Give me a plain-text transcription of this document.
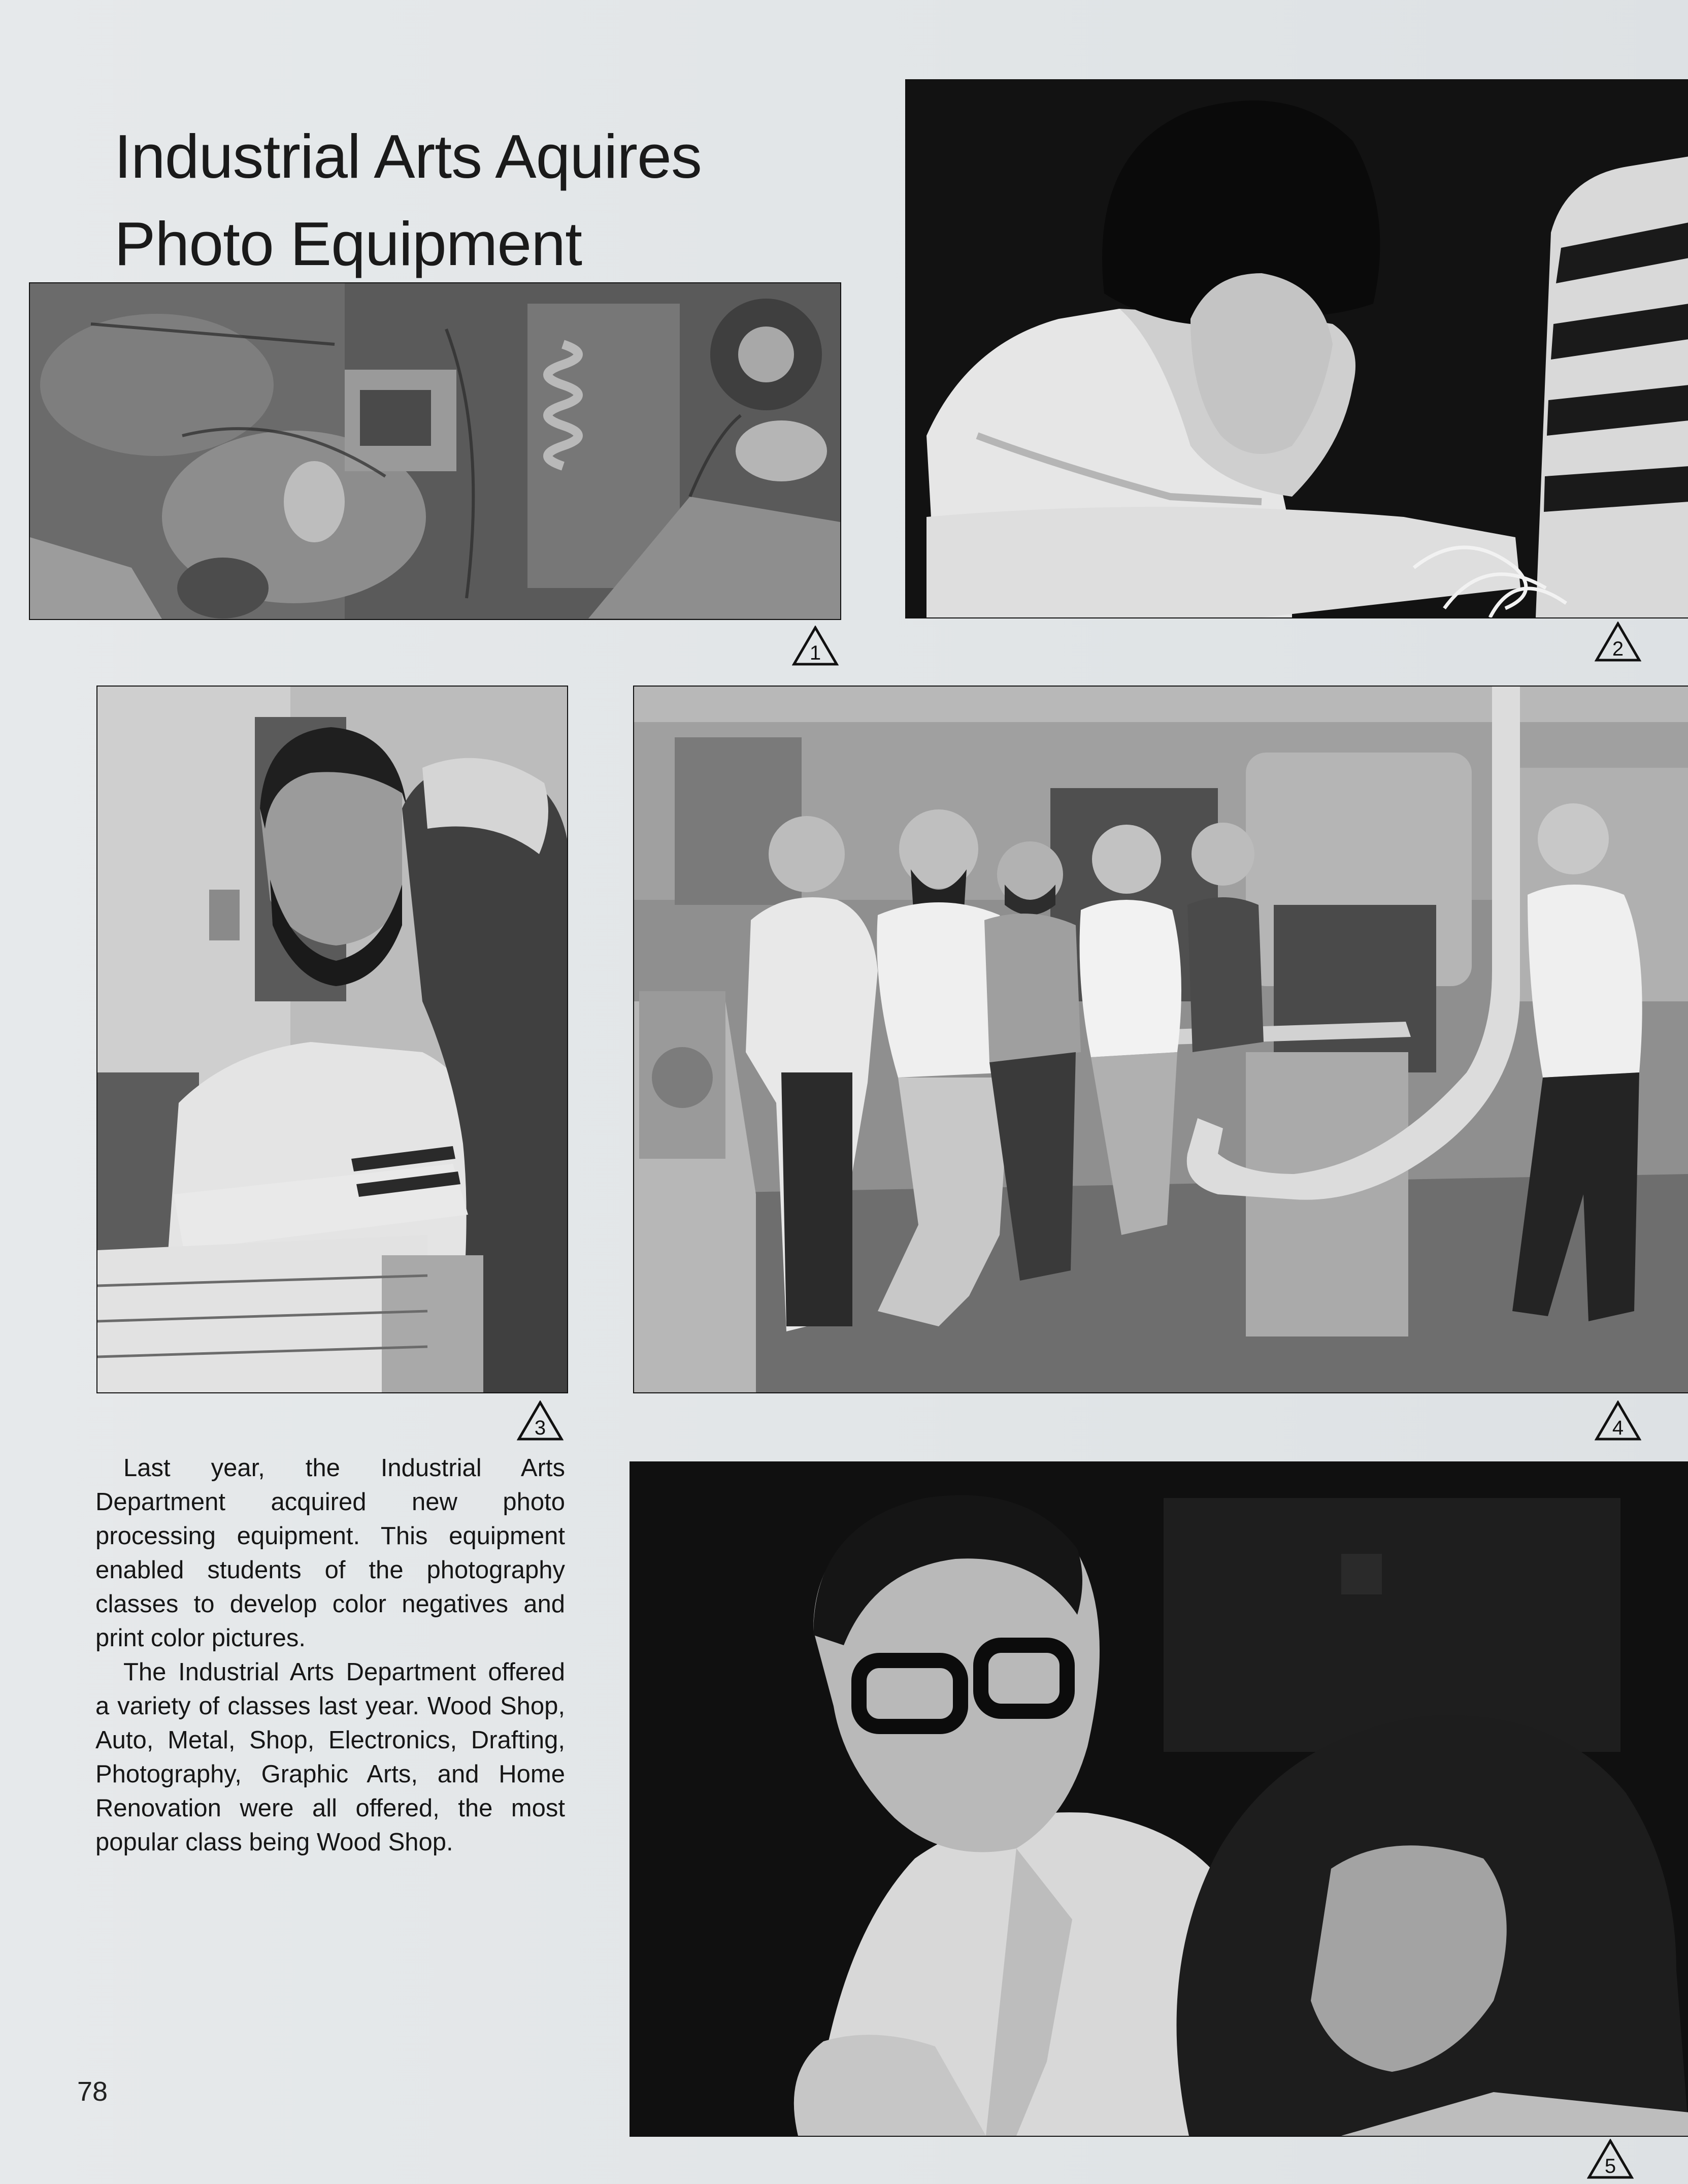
Industrial Arts Aquires
Photo Equipment
1	2
3	4
5

Last year, the Industrial Arts Department acquired new photo processing equipment. This equipment enabled students of the photography classes to develop color negatives and print color pictures.

The Industrial Arts Department offered a variety of classes last year. Wood Shop, Auto, Metal, Shop, Electronics, Drafting, Photography, Graphic Arts, and Home Renovation were all offered, the most popular class being Wood Shop.

78
